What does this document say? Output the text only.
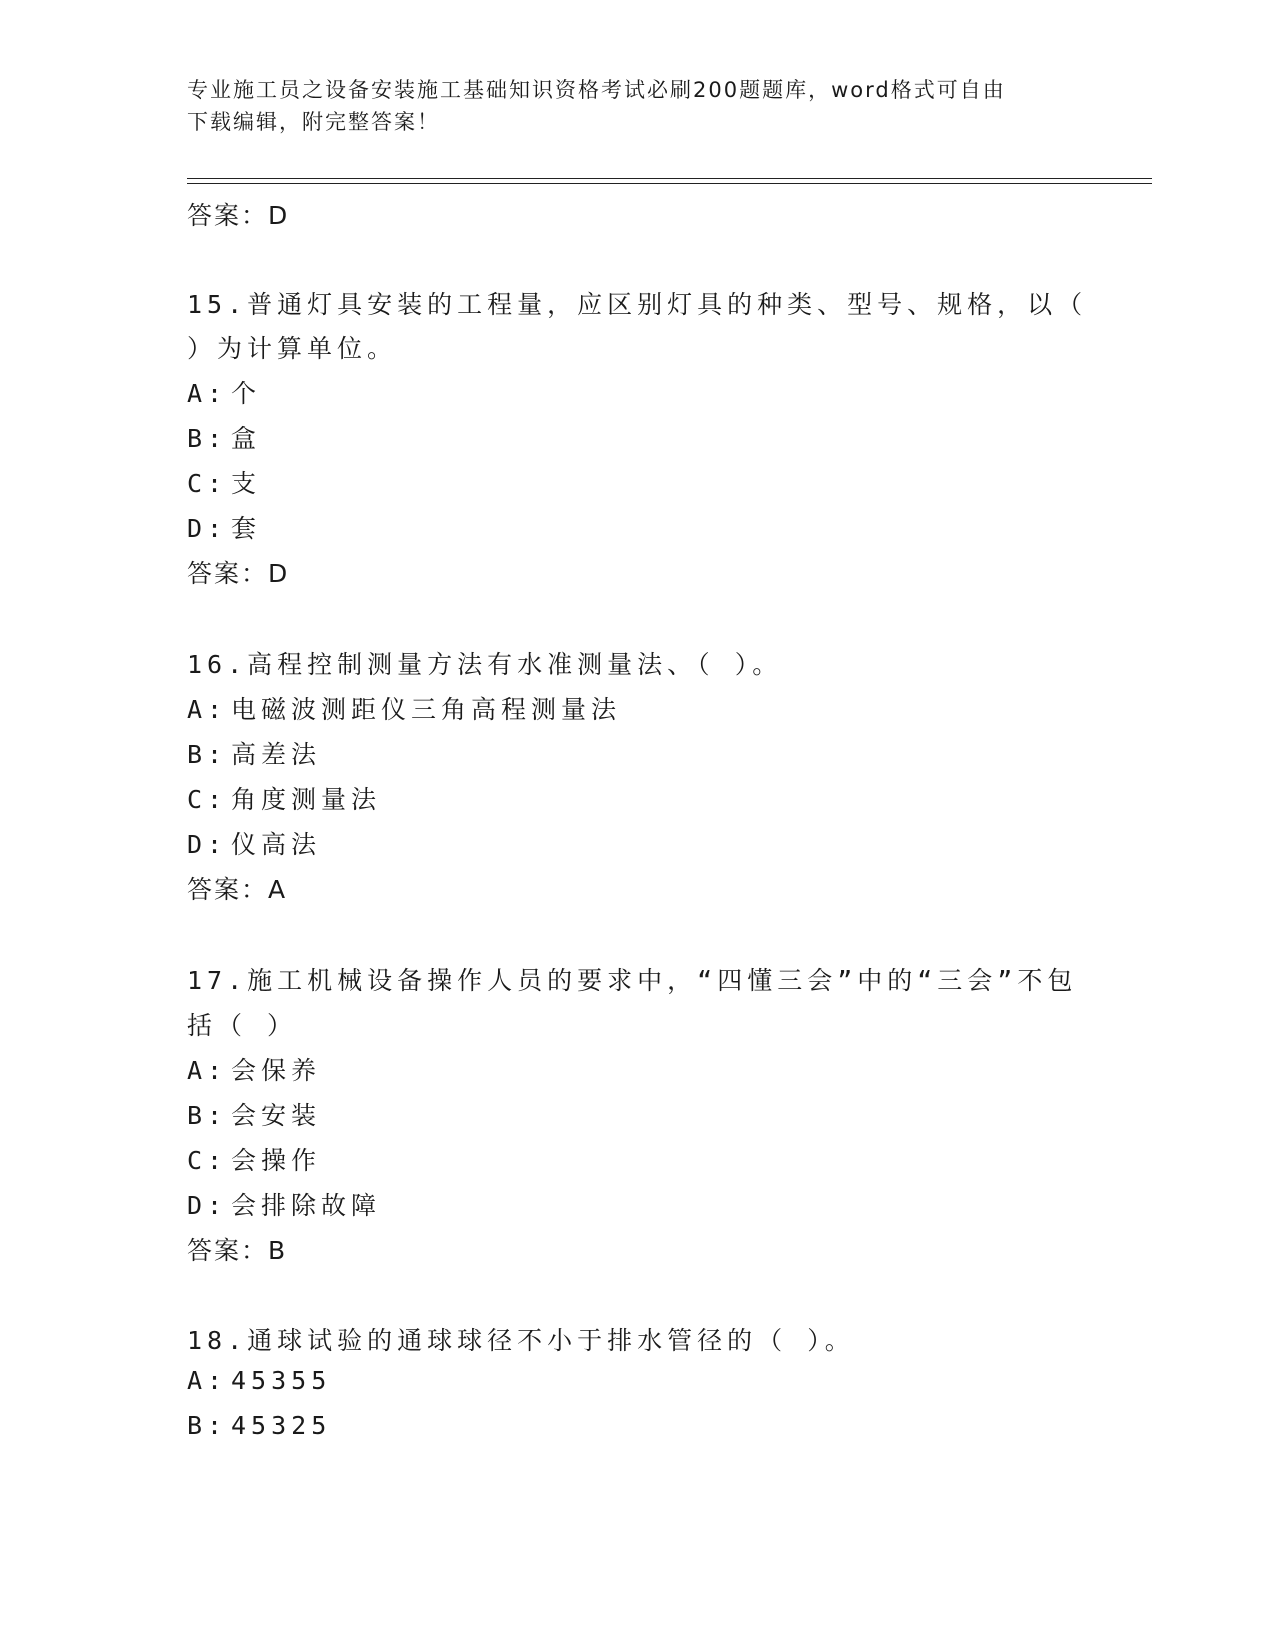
专业施工员之设备安装施工基础知识资格考试必刷200题题库，word格式可自由
下载编辑，附完整答案！
答案：D
15.普通灯具安装的工程量，应区别灯具的种类、型号、规格，以（
）为计算单位。
A: 个
B: 盒
C: 支
D: 套
答案：D
16.高程控制测量方法有水准测量法、（ ）。
A: 电磁波测距仪三角高程测量法
B: 高差法
C: 角度测量法
D: 仪高法
答案：A
17.施工机械设备操作人员的要求中，“四懂三会”中的“三会”不包
括（ ）
A: 会保养
B: 会安装
C: 会操作
D: 会排除故障
答案：B
18.通球试验的通球球径不小于排水管径的（ ）。
A: 45355
B: 45325
